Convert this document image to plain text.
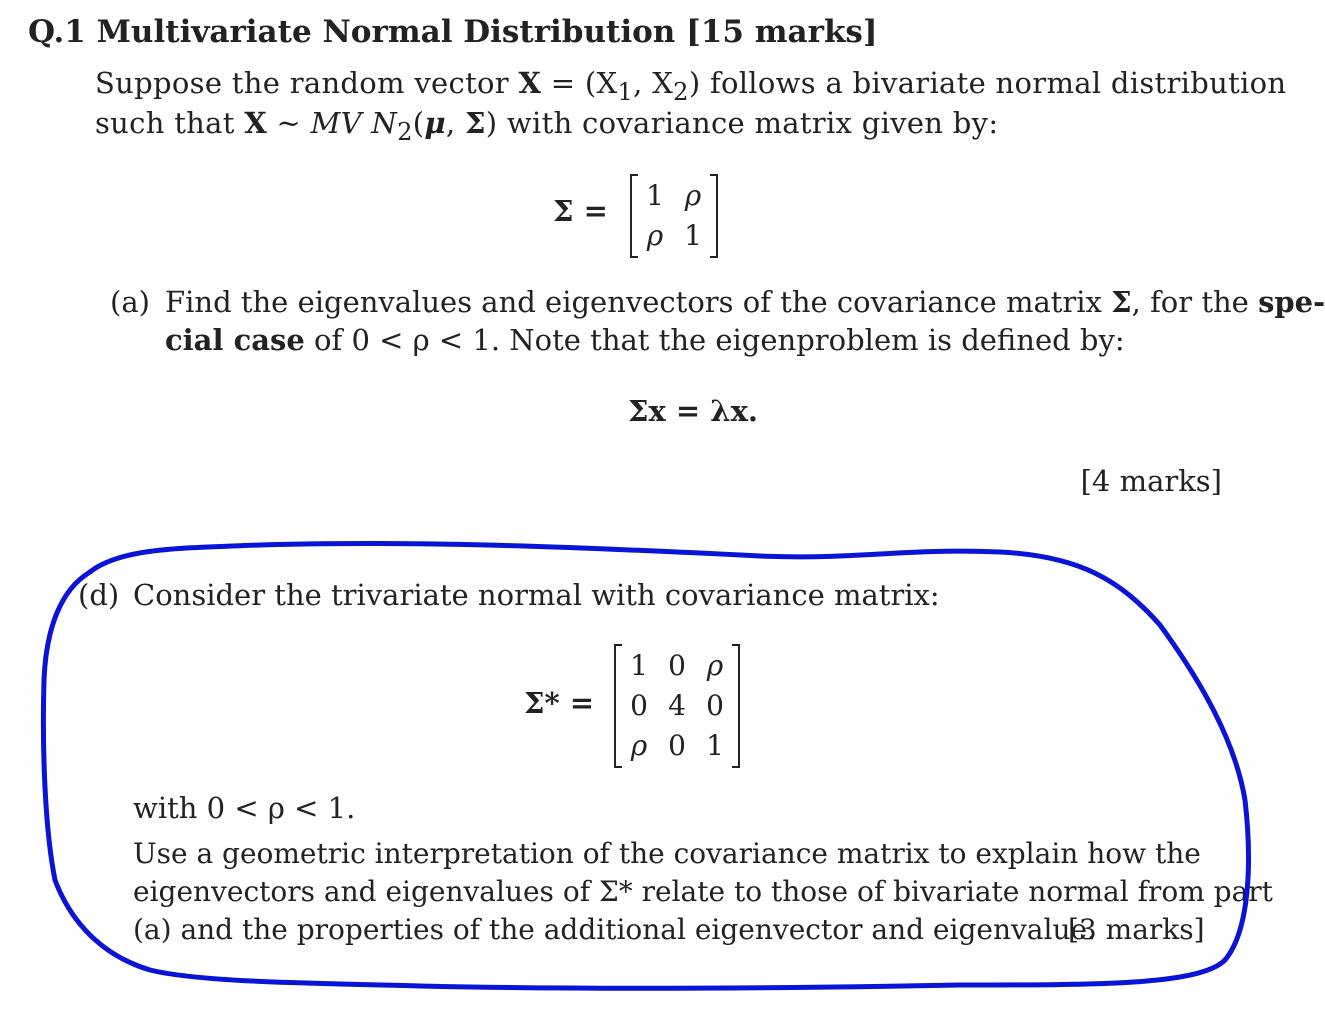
Q.1 Multivariate Normal Distribution [15 marks]
Suppose the random vector $X = (X_1$, $X_2$) follows a bivariate normal distribution
such that X ~ MV $N_2(\mu$, Σ) with covariance matrix given by:
Σ =	1 ρ
ρ 1
(a) Find the eigenvalues and eigenvectors of the covariance matrix Σ, for the spe-
cial case of 0 < ρ < 1. Note that the eigenproblem is defined by:
Σx = λx.
[4 marks]
(d) Consider the trivariate normal with covariance matrix:
Σ* =
1 0 ρ
0 4 0
ρ 0 1
with 0 < ρ < 1.
Use a geometric interpretation of the covariance matrix to explain how the
eigenvectors and eigenvalues of Σ* relate to those of bivariate normal from part
(a) and the properties of the additional eigenvector and eigenvalue.
[3 marks]
